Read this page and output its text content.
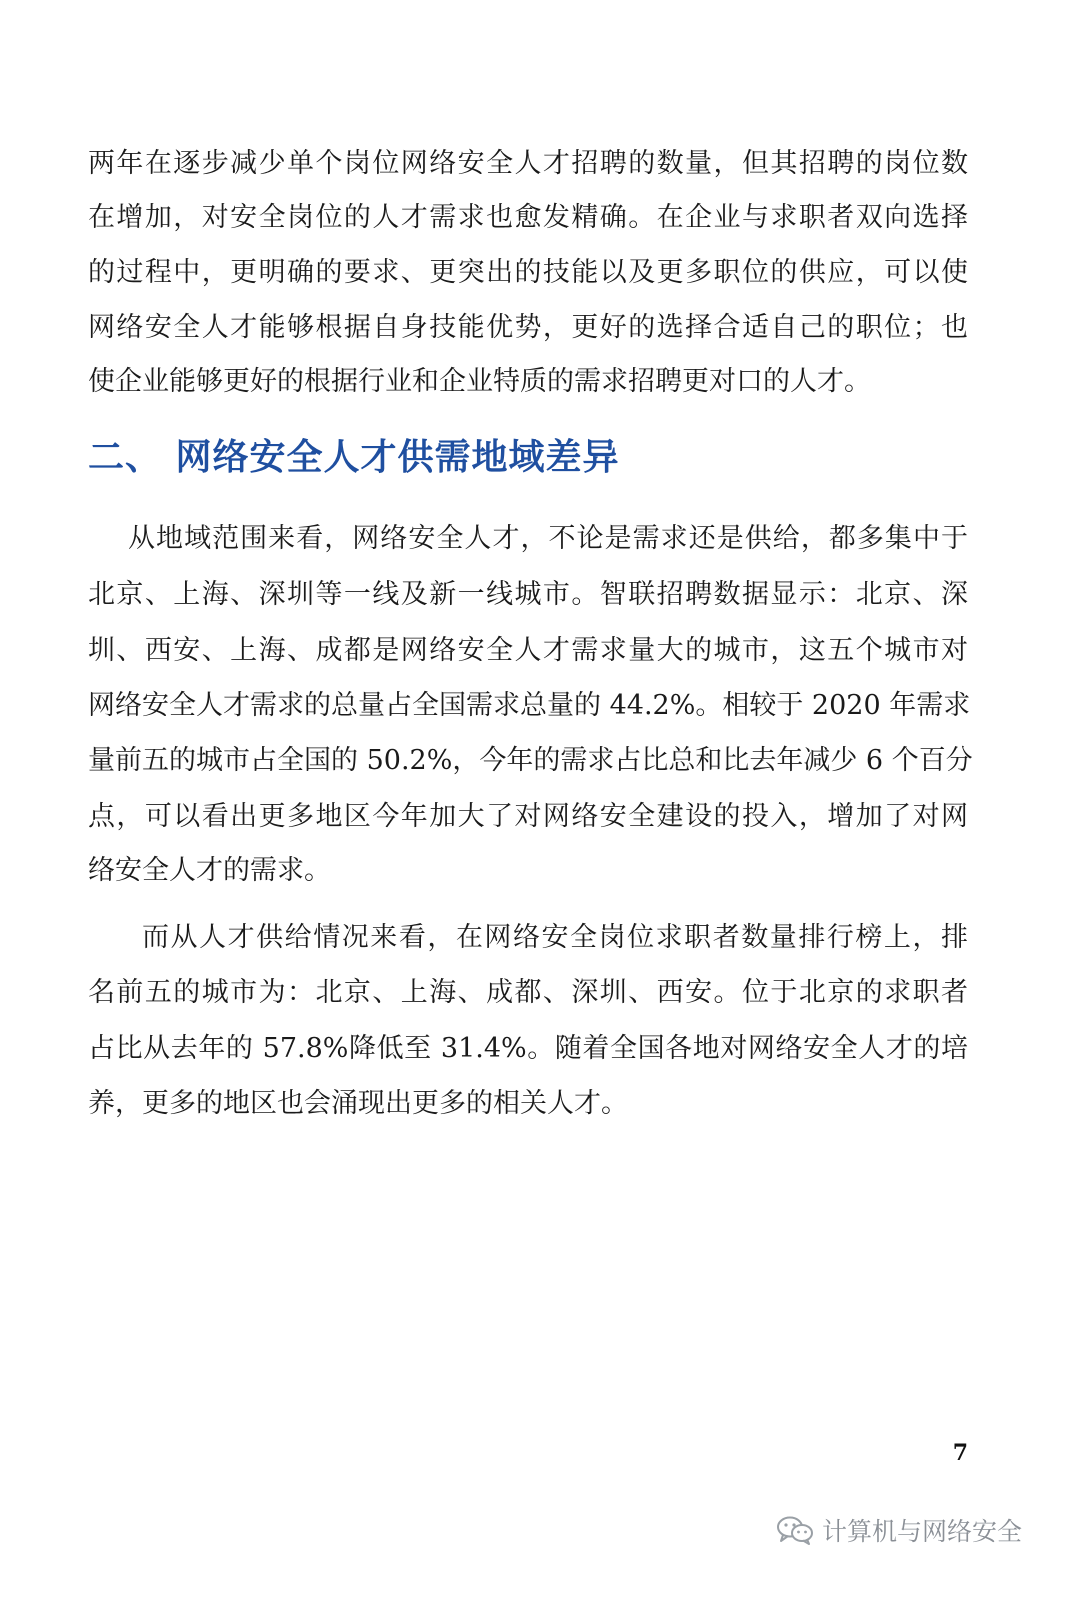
两年在逐步减少单个岗位网络安全人才招聘的数量，但其招聘的岗位数
在增加，对安全岗位的人才需求也愈发精确。在企业与求职者双向选择
的过程中，更明确的要求、更突出的技能以及更多职位的供应，可以使
网络安全人才能够根据自身技能优势，更好的选择合适自己的职位；也
使企业能够更好的根据行业和企业特质的需求招聘更对口的人才。
二、 网络安全人才供需地域差异
从地域范围来看，网络安全人才，不论是需求还是供给，都多集中于
北京、上海、深圳等一线及新一线城市。智联招聘数据显示：北京、深
圳、西安、上海、成都是网络安全人才需求量大的城市，这五个城市对
网络安全人才需求的总量占全国需求总量的 44.2%。相较于 2020 年需求
量前五的城市占全国的 50.2%，今年的需求占比总和比去年减少 6 个百分
点，可以看出更多地区今年加大了对网络安全建设的投入，增加了对网
络安全人才的需求。
而从人才供给情况来看，在网络安全岗位求职者数量排行榜上，排
名前五的城市为：北京、上海、成都、深圳、西安。位于北京的求职者
占比从去年的 57.8%降低至 31.4%。随着全国各地对网络安全人才的培
养，更多的地区也会涌现出更多的相关人才。
7
计算机与网络安全
